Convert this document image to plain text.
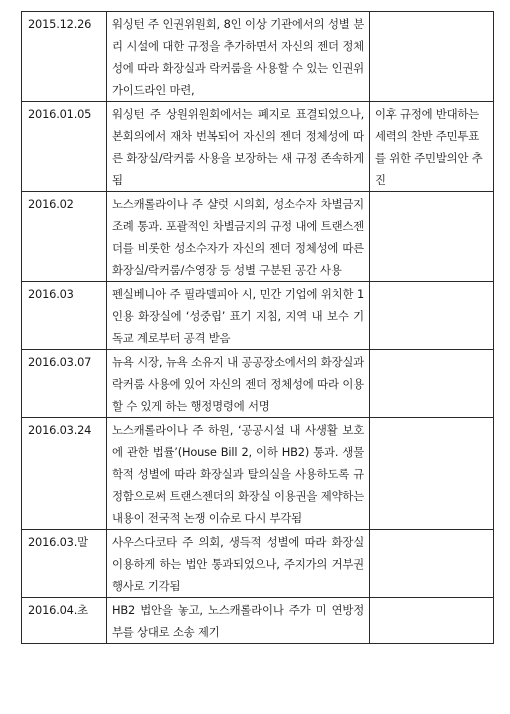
2015.12.26	워싱턴 주 인권위원회, 8인 이상 기관에서의 성별 분리 시설에 대한 규정을 추가하면서 자신의 젠더 정체성에 따라 화장실과 락커룸을 사용할 수 있는 인권위 가이드라인 마련,	
2016.01.05	워싱턴 주 상원위원회에서는 폐지로 표결되었으나, 본회의에서 재차 번복되어 자신의 젠더 정체성에 따른 화장실/락커룸 사용을 보장하는 새 규정 존속하게 됨	이후 규정에 반대하는 세력의 찬반 주민투표를 위한 주민발의안 추진
2016.02	노스캐롤라이나 주 샬럿 시의회, 성소수자 차별금지 조례 통과. 포괄적인 차별금지의 규정 내에 트랜스젠더를 비롯한 성소수자가 자신의 젠더 정체성에 따른 화장실/락커룸/수영장 등 성별 구분된 공간 사용	
2016.03	펜실베니아 주 필라델피아 시, 민간 기업에 위치한 1인용 화장실에 ‘성중립’ 표기 지침, 지역 내 보수 기독교 계로부터 공격 받음	
2016.03.07	뉴욕 시장, 뉴욕 소유지 내 공공장소에서의 화장실과 락커룸 사용에 있어 자신의 젠더 정체성에 따라 이용할 수 있게 하는 행정명령에 서명	
2016.03.24	노스캐롤라이나 주 하원, ‘공공시설 내 사생활 보호에 관한 법률’(House Bill 2, 이하 HB2) 통과. 생물학적 성별에 따라 화장실과 탈의실을 사용하도록 규정함으로써 트랜스젠더의 화장실 이용권을 제약하는 내용이 전국적 논쟁 이슈로 다시 부각됨	
2016.03.말	사우스다코타 주 의회, 생득적 성별에 따라 화장실 이용하게 하는 법안 통과되었으나, 주지가의 거부권 행사로 기각됨	
2016.04.초	HB2 법안을 놓고, 노스캐롤라이나 주가 미 연방정부를 상대로 소송 제기	
